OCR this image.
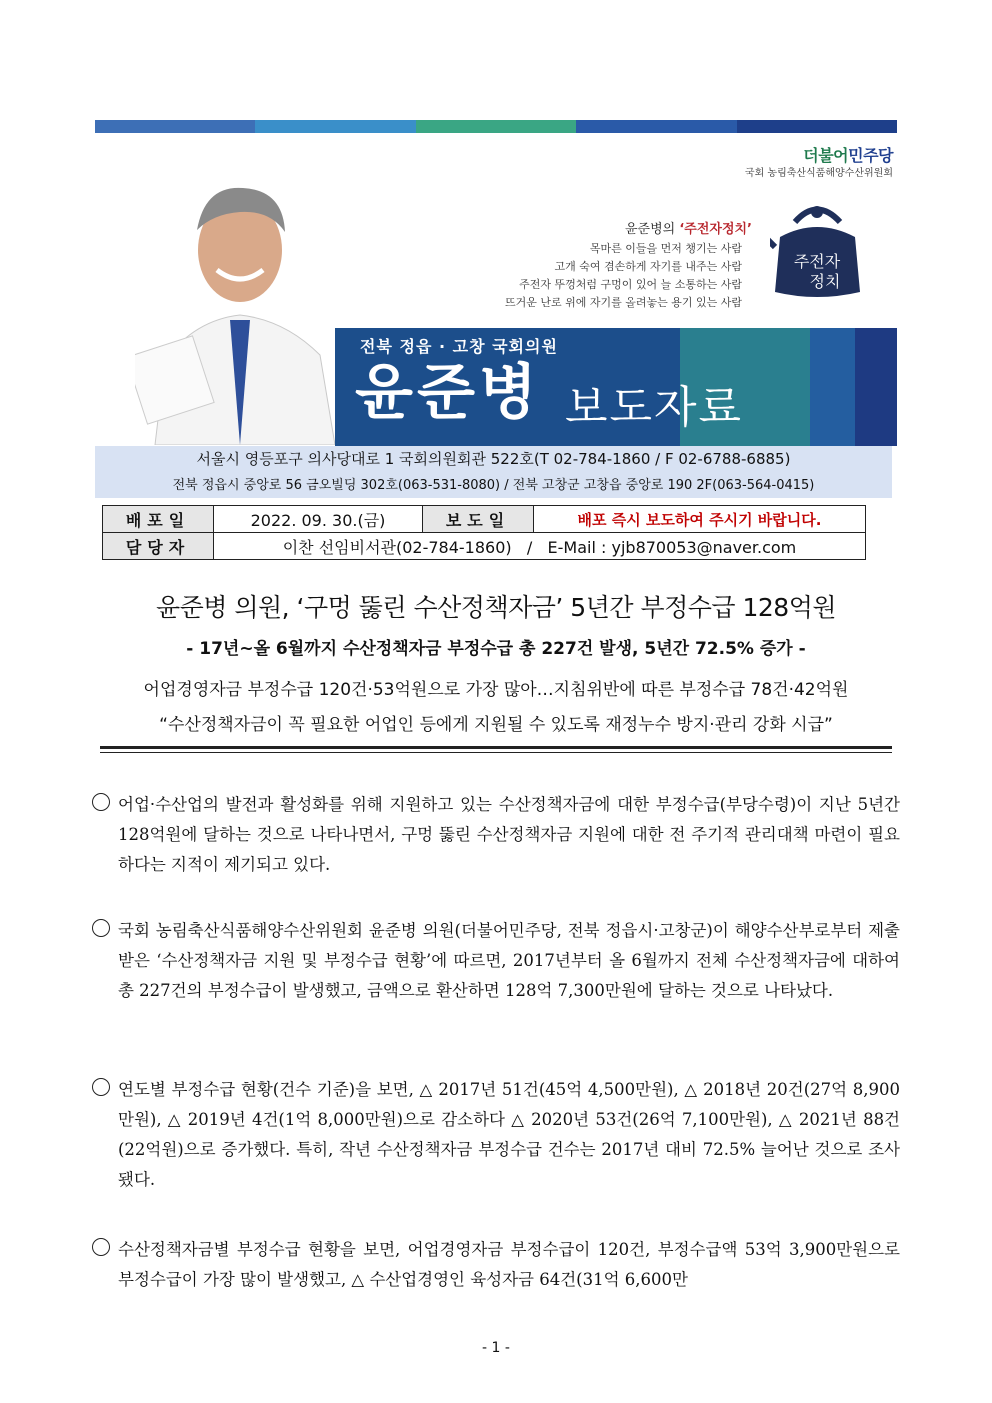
더불어민주당
국회 농림축산식품해양수산위원회
윤준병의 ‘주전자정치’
목마른 이들을 먼저 챙기는 사람
고개 숙여 겸손하게 자기를 내주는 사람
주전자 뚜껑처럼 구멍이 있어 늘 소통하는 사람
뜨거운 난로 위에 자기를 올려놓는 용기 있는 사람
주전자
정치
전북 정읍 · 고창 국회의원
윤준병 보도자료
서울시 영등포구 의사당대로 1 국회의원회관 522호(T 02-784-1860 / F 02-6788-6885)
전북 정읍시 중앙로 56 금오빌딩 302호(063-531-8080) / 전북 고창군 고창읍 중앙로 190 2F(063-564-0415)
배포일	2022. 09. 30.(금)	보도일	배포 즉시 보도하여 주시기 바랍니다.
담당자	이찬 선임비서관(02-784-1860)   /   E-Mail : yjb870053@naver.com		
윤준병 의원, ‘구멍 뚫린 수산정책자금’ 5년간 부정수급 128억원
- 17년~올 6월까지 수산정책자금 부정수급 총 227건 발생, 5년간 72.5% 증가 -
어업경영자금 부정수급 120건·53억원으로 가장 많아…지침위반에 따른 부정수급 78건·42억원
“수산정책자금이 꼭 필요한 어업인 등에게 지원될 수 있도록 재정누수 방지·관리 강화 시급”
어업·수산업의 발전과 활성화를 위해 지원하고 있는 수산정책자금에 대한 부정수급(부당수령)이 지난 5년간 128억원에 달하는 것으로 나타나면서, 구멍 뚫린 수산정책자금 지원에 대한 전 주기적 관리대책 마련이 필요하다는 지적이 제기되고 있다.
국회 농림축산식품해양수산위원회 윤준병 의원(더불어민주당, 전북 정읍시·고창군)이 해양수산부로부터 제출받은 ‘수산정책자금 지원 및 부정수급 현황’에 따르면, 2017년부터 올 6월까지 전체 수산정책자금에 대하여 총 227건의 부정수급이 발생했고, 금액으로 환산하면 128억 7,300만원에 달하는 것으로 나타났다.
연도별 부정수급 현황(건수 기준)을 보면, △ 2017년 51건(45억 4,500만원), △ 2018년 20건(27억 8,900만원), △ 2019년 4건(1억 8,000만원)으로 감소하다 △ 2020년 53건(26억 7,100만원), △ 2021년 88건(22억원)으로 증가했다. 특히, 작년 수산정책자금 부정수급 건수는 2017년 대비 72.5% 늘어난 것으로 조사됐다.
수산정책자금별 부정수급 현황을 보면, 어업경영자금 부정수급이 120건, 부정수급액 53억 3,900만원으로 부정수급이 가장 많이 발생했고, △ 수산업경영인 육성자금 64건(31억 6,600만
- 1 -
